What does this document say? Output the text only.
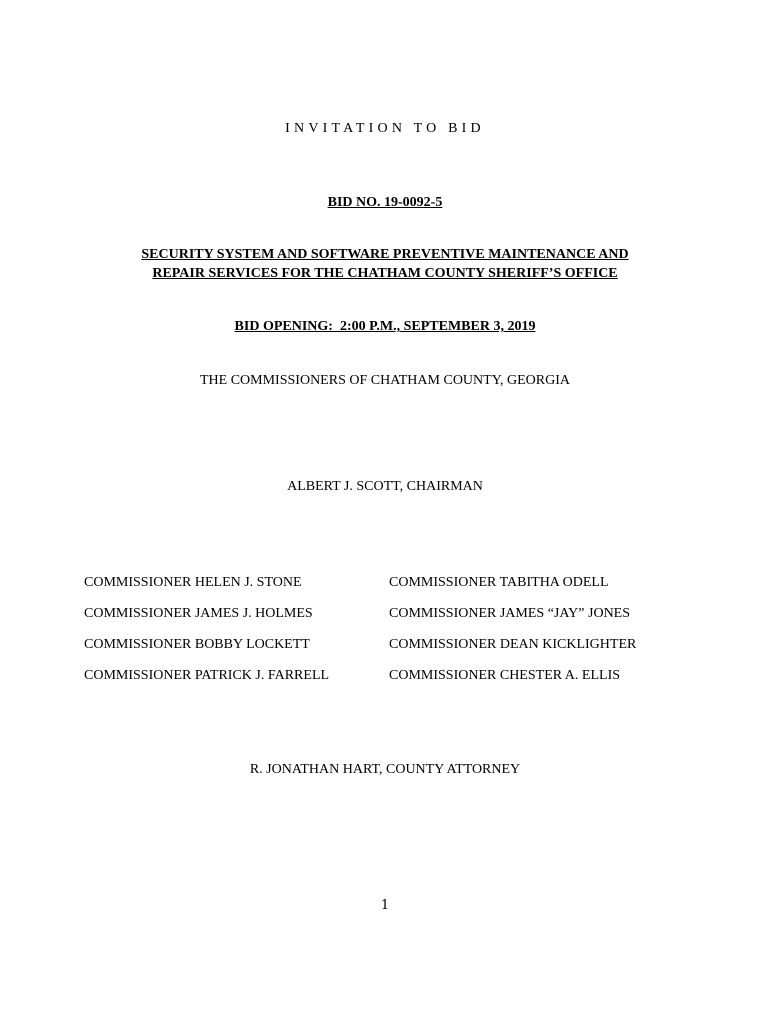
INVITATION TO BID
BID NO. 19-0092-5
SECURITY SYSTEM AND SOFTWARE PREVENTIVE MAINTENANCE AND
REPAIR SERVICES FOR THE CHATHAM COUNTY SHERIFF’S OFFICE
BID OPENING:  2:00 P.M., SEPTEMBER 3, 2019
THE COMMISSIONERS OF CHATHAM COUNTY, GEORGIA
ALBERT J. SCOTT, CHAIRMAN
COMMISSIONER HELEN J. STONE	COMMISSIONER TABITHA ODELL
COMMISSIONER JAMES J. HOLMES	COMMISSIONER JAMES “JAY” JONES
COMMISSIONER BOBBY LOCKETT	COMMISSIONER DEAN KICKLIGHTER
COMMISSIONER PATRICK J. FARRELL	COMMISSIONER CHESTER A. ELLIS
R. JONATHAN HART, COUNTY ATTORNEY
1
